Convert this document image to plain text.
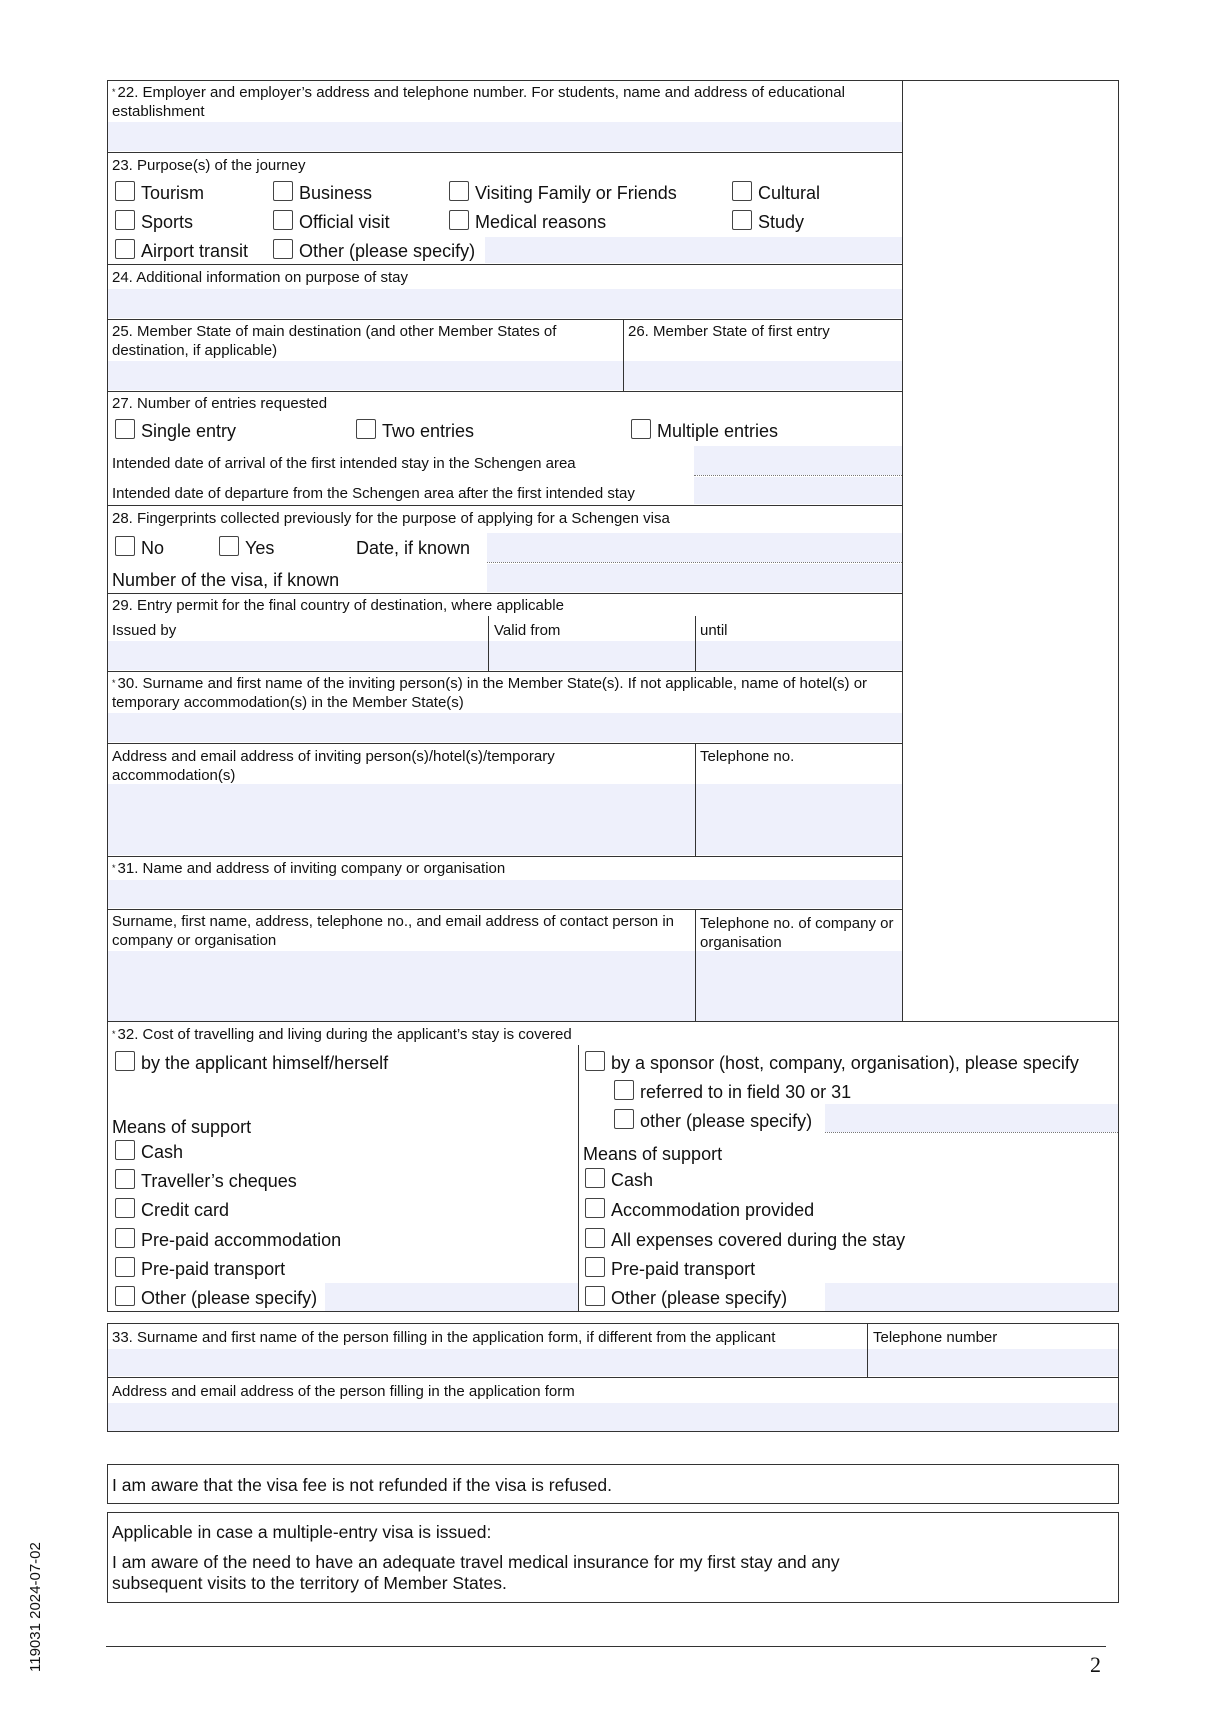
* 22. Employer and employer’s address and telephone number. For students, name and address of educational establishment
23. Purpose(s) of the journey
Tourism	Business	Visiting Family or Friends	Cultural
Sports	Official visit	Medical reasons	Study
Airport transit	Other (please specify)
24. Additional information on purpose of stay
25. Member State of main destination (and other Member States of destination, if applicable)
26. Member State of first entry
27. Number of entries requested
Single entry	Two entries	Multiple entries
Intended date of arrival of the first intended stay in the Schengen area
Intended date of departure from the Schengen area after the first intended stay
28. Fingerprints collected previously for the purpose of applying for a Schengen visa
No	Yes	Date, if known
Number of the visa, if known
29. Entry permit for the final country of destination, where applicable
Issued by	Valid from	until
* 30. Surname and first name of the inviting person(s) in the Member State(s). If not applicable, name of hotel(s) or temporary accommodation(s) in the Member State(s)
Address and email address of inviting person(s)/hotel(s)/temporary accommodation(s)
Telephone no.
* 31. Name and address of inviting company or organisation
Surname, first name, address, telephone no., and email address of contact person in company or organisation
Telephone no. of company or organisation
* 32. Cost of travelling and living during the applicant’s stay is covered
by the applicant himself/herself
Means of support
Cash
Traveller’s cheques
Credit card
Pre-paid accommodation
Pre-paid transport
Other (please specify)
by a sponsor (host, company, organisation), please specify
referred to in field 30 or 31
other (please specify)
Means of support
Cash
Accommodation provided
All expenses covered during the stay
Pre-paid transport
Other (please specify)
33. Surname and first name of the person filling in the application form, if different from the applicant	Telephone number
Address and email address of the person filling in the application form
I am aware that the visa fee is not refunded if the visa is refused.
Applicable in case a multiple-entry visa is issued:
I am aware of the need to have an adequate travel medical insurance for my first stay and any subsequent visits to the territory of Member States.
2
119031 2024-07-02
